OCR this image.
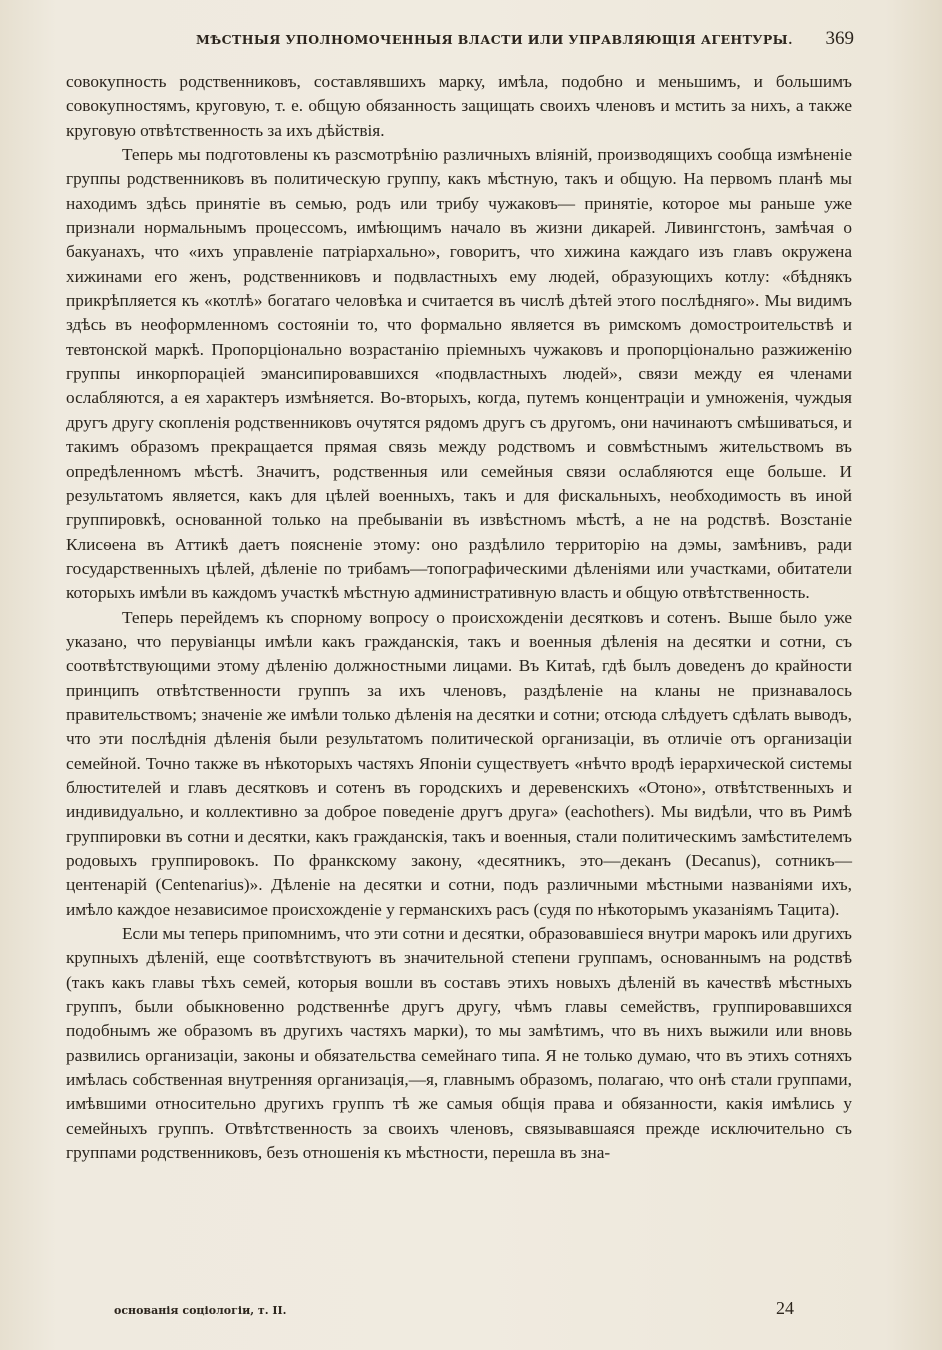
МѢСТНЫЯ УПОЛНОМОЧЕННЫЯ ВЛАСТИ ИЛИ УПРАВЛЯЮЩІЯ АГЕНТУРЫ. 369

совокупность родственниковъ, составлявшихъ марку, имѣла, подобно и меньшимъ, и большимъ совокупностямъ, круговую, т. е. общую обязанность защищать своихъ членовъ и мстить за нихъ, а также круговую отвѣтственность за ихъ дѣйствія.

Теперь мы подготовлены къ разсмотрѣнію различныхъ вліяній, производящихъ сообща измѣненіе группы родственниковъ въ политическую группу, какъ мѣстную, такъ и общую. На первомъ планѣ мы находимъ здѣсь принятіе въ семью, родъ или трибу чужаковъ— принятіе, которое мы раньше уже признали нормальнымъ процессомъ, имѣющимъ начало въ жизни дикарей. Ливингстонъ, замѣчая о бакуанахъ, что «ихъ управленіе патріархально», говоритъ, что хижина каждаго изъ главъ окружена хижинами его женъ, родственниковъ и подвластныхъ ему людей, образующихъ котлу: «бѣднякъ прикрѣпляется къ «котлѣ» богатаго человѣка и считается въ числѣ дѣтей этого послѣдняго». Мы видимъ здѣсь въ неоформленномъ состояніи то, что формально является въ римскомъ домостроительствѣ и тевтонской маркѣ. Пропорціонально возрастанію пріемныхъ чужаковъ и пропорціонально разжиженію группы инкорпораціей эмансипировавшихся «подвластныхъ людей», связи между ея членами ослабляются, а ея характеръ измѣняется. Во-вторыхъ, когда, путемъ концентраціи и умноженія, чуждыя другъ другу скопленія родственниковъ очутятся рядомъ другъ съ другомъ, они начинаютъ смѣшиваться, и такимъ образомъ прекращается прямая связь между родствомъ и совмѣстнымъ жительствомъ въ опредѣленномъ мѣстѣ. Значитъ, родственныя или семейныя связи ослабляются еще больше. И результатомъ является, какъ для цѣлей военныхъ, такъ и для фискальныхъ, необходимость въ иной группировкѣ, основанной только на пребываніи въ извѣстномъ мѣстѣ, а не на родствѣ. Возстаніе Клисѳена въ Аттикѣ даетъ поясненіе этому: оно раздѣлило территорію на дэмы, замѣнивъ, ради государственныхъ цѣлей, дѣленіе по трибамъ—топографическими дѣленіями или участками, обитатели которыхъ имѣли въ каждомъ участкѣ мѣстную административную власть и общую отвѣтственность.

Теперь перейдемъ къ спорному вопросу о происхожденіи десятковъ и сотенъ. Выше было уже указано, что перувіанцы имѣли какъ гражданскія, такъ и военныя дѣленія на десятки и сотни, съ соотвѣтствующими этому дѣленію должностными лицами. Въ Китаѣ, гдѣ былъ доведенъ до крайности принципъ отвѣтственности группъ за ихъ членовъ, раздѣленіе на кланы не признавалось правительствомъ; значеніе же имѣли только дѣленія на десятки и сотни; отсюда слѣдуетъ сдѣлать выводъ, что эти послѣднія дѣленія были результатомъ политической организаціи, въ отличіе отъ организаціи семейной. Точно также въ нѣкоторыхъ частяхъ Японіи существуетъ «нѣчто вродѣ іерархической системы блюстителей и главъ десятковъ и сотенъ въ городскихъ и деревенскихъ «Отоно», отвѣтственныхъ и индивидуально, и коллективно за доброе поведеніе другъ друга» (eachothers). Мы видѣли, что въ Римѣ группировки въ сотни и десятки, какъ гражданскія, такъ и военныя, стали политическимъ замѣстителемъ родовыхъ группировокъ. По франкскому закону, «десятникъ, это—деканъ (Decanus), сотникъ—центенарій (Centenarius)». Дѣленіе на десятки и сотни, подъ различными мѣстными названіями ихъ, имѣло каждое независимое происхожденіе у германскихъ расъ (судя по нѣкоторымъ указаніямъ Тацита).

Если мы теперь припомнимъ, что эти сотни и десятки, образовавшіеся внутри марокъ или другихъ крупныхъ дѣленій, еще соотвѣтствуютъ въ значительной степени группамъ, основаннымъ на родствѣ (такъ какъ главы тѣхъ семей, которыя вошли въ составъ этихъ новыхъ дѣленій въ качествѣ мѣстныхъ группъ, были обыкновенно родственнѣе другъ другу, чѣмъ главы семействъ, группировавшихся подобнымъ же образомъ въ другихъ частяхъ марки), то мы замѣтимъ, что въ нихъ выжили или вновь развились организаціи, законы и обязательства семейнаго типа. Я не только думаю, что въ этихъ сотняхъ имѣлась собственная внутренняя организація,—я, главнымъ образомъ, полагаю, что онѣ стали группами, имѣвшими относительно другихъ группъ тѣ же самыя общія права и обязанности, какія имѣлись у семейныхъ группъ. Отвѣтственность за своихъ членовъ, связывавшаяся прежде исключительно съ группами родственниковъ, безъ отношенія къ мѣстности, перешла въ зна-

основанія соціологіи, т. II.	24
